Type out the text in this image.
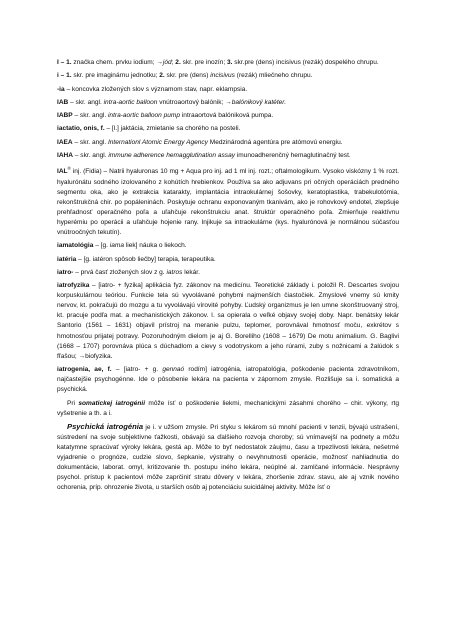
I – 1. značka chem. prvku iodium; →jód; 2. skr. pre inozín; 3. skr.pre (dens) incisivus (rezák) dospelého chrupu.

i – 1. skr. pre imaginárnu jednotku; 2. skr. pre (dens) incisivus (rezák) mliečneho chrupu.

-ia – koncovka zložených slov s významom stav, napr. eklampsia.

IAB – skr. angl. intra-aortic balloon vnútroaortový balónik; →balónikový katéter.

IABP – skr. angl. intra-aortic balloon pump intraaortová balóniková pumpa.

iactatio, onis, f. – [l.] jaktácia, zmietanie sa chorého na posteli.

IAEA – skr. angl. Internationl Atomic Energy Agency Medzinárodná agentúra pre atómovú energiu.

IAHA – skr. angl. immune adherence hemagglutination assay imunoadherenčný hemaglutinačný test.

IAL® inj. (Fidia) – Natrii hyaluronas 10 mg + Aqua pro inj. ad 1 ml inj. rozt.; oftalmologikum. Vysoko viskózny 1 % rozt. hyalurónátu sodného izolovaného z kohútích hrebienkov. Používa sa ako adjuvans pri očných operáciách predného segmentu oka, ako je extrakcia katarakty, implantácia intraokulárnej šošovky, keratoplastika, trabekulotómia, rekonštrukčná chir. po popáleninách. Poskytuje ochranu exponovaným tkanivám, ako je rohovkový endotel, zlepšuje prehľadnosť operačného poľa a uľahčuje rekonštrukciu anat. štruktúr operačného poľa. Zmierňuje reaktívnu hyperémiu po operácii a uľahčuje hojenie rany. Injikuje sa intraokulárne (kys. hyalurónová je normálnou súčasťou vnútroočných tekutín).

iamatológia – [g. iama liek] náuka o liekoch.

iatéria – [g. iatéron spôsob liečby] terapia, terapeutika.

iatro- – prvá časť zložených slov z g. iatros lekár.

iatrofyzika – [iatro- + fyzika] aplikácia fyz. zákonov na medicínu. Teoretické základy i. položil R. Descartes svojou korpuskulárnou teóriou. Funkcie tela sú vyvolávané pohybmi najmenších čiastočiek. Zmyslové vnemy sú kmity nervov, kt. pokračujú do mozgu a tu vyvolávajú vírovité pohyby. Ľudský organizmus je len umne skonštruovaný stroj, kt. pracuje podľa mat. a mechanistických zákonov. I. sa opierala o veľké objavy svojej doby. Napr. benátsky lekár Santorio (1561 – 1631) objavil prístroj na meranie pulzu, teplomer, porovnával hmotnosť moču, exkrétov s hmotnosťou prijatej potravy. Pozoruhodným dielom je aj G. Borelliho (1608 – 1679) De motu animalium. G. Baglivi (1668 – 1707) porovnáva plúca s dúchadlom a cievy s vodotryskom a jeho rúrami, zuby s nožnicami a žalúdok s fľašou; →biofyzika.

iatrogenia, ae, f. – [iatro- + g. gennaó rodím] iatrogénia, iatropatológia, poškodenie pacienta zdravotníkom, najčastejšie psychogénne. Ide o pôsobenie lekára na pacienta v zápornom zmysle. Rozlišuje sa i. somatická a psychická.

Pri somatickej iatrogénii môže ísť o poškodenie liekmi, mechanickými zásahmi chorého – chir. výkony, rtg vyšetrenie a th. a i.

Psychická iatrogénia je i. v užšom zmysle. Pri styku s lekárom sú mnohí pacienti v tenzii, bývajú ustrašení, sústredení na svoje subjektívne ťažkosti, obávajú sa ďalšieho rozvoja choroby; sú vnímavejší na podnety a môžu katatymne spracúvať výroky lekára, gestá ap. Môže to byť nedostatok záujmu, času a trpezlivosti lekára, nešetrné vyjadrenie o prognóze, cudzie slovo, šepkanie, výstrahy o nevyhnutnosti operácie, možnosť nahliadnutia do dokumentácie, laborat. omyl, kritizovanie th. postupu iného lekára, neúplné al. zamlčané informácie. Nesprávny psychol. prístup k pacientovi môže zaprčiniť stratu dôvery v lekára, zhoršenie zdrav. stavu, ale aj vznik nového ochorenia, príp. ohrozenie života, u starších osôb aj potenciáciu suicidálnej aktivity. Môže ísť o
